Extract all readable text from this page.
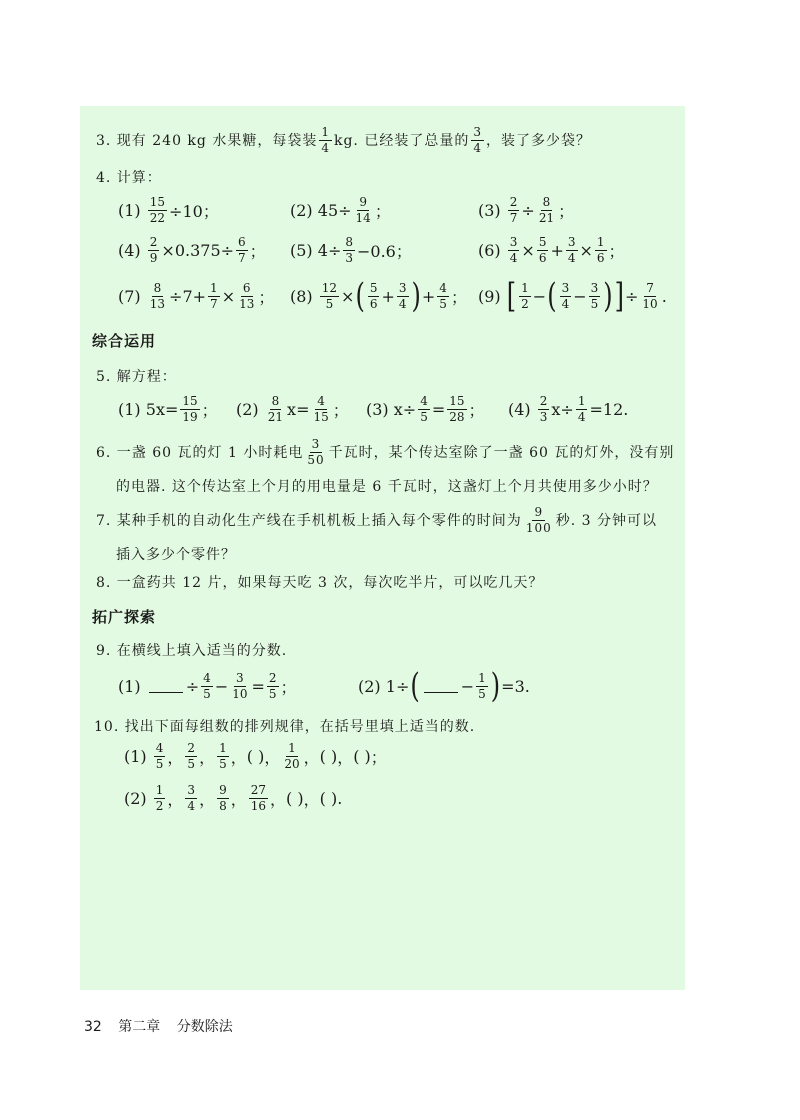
3. 现有 240 kg 水果糖，每袋装 $\frac{1}{4}$ kg. 已经装了总量的 $\frac{3}{4}$ ，装了多少袋？
4. 计算：
(1)
$\frac{15}{22} \div 10$；	(2)
$45\div \frac{9}{14}$ ；	(3)
$\frac{2}{7} \div \frac{8}{21}$ ；
(4)
$\frac{2}{9} \times 0.375\div \frac{6}{7}$ ； (5)
$4\div \frac{8}{3} -0.6$；	(6)
$\frac{3}{4} \times \frac{5}{6} + \frac{3}{4} \times \frac{1}{6}$ ；
(7)
$\frac{8}{13} \div 7+ \frac{1}{7} \times \frac{6}{13}$ ； (8)
$\frac{12}{5}$ × ( $\frac{5}{6} + \frac{3}{4}$ ) + $\frac{4}{5}$ ； (9)
[ $\frac{1}{2}$ − ( $\frac{3}{4} - \frac{3}{5}$ ) ] ÷ $\frac{7}{10}$ .
综合运用
5. 解方程：
(1)
$5x= \frac{15}{19}$ ； (2)
$\frac{8}{21} x= \frac{4}{15}$ ； (3)
$x\div \frac{4}{5} = \frac{15}{28}$ ； (4)
$\frac{2}{3} x\div \frac{1}{4} =12$.
6. 一盏 60 瓦的灯 1 小时耗电 $\frac{3}{50}$ 千瓦时，某个传达室除了一盏 60 瓦的灯外，没有别
的电器. 这个传达室上个月的用电量是 6 千瓦时，这盏灯上个月共使用多少小时？
7. 某种手机的自动化生产线在手机机板上插入每个零件的时间为 $\frac{9}{100}$ 秒. 3 分钟可以
插入多少个零件？
8. 一盒药共 12 片，如果每天吃 3 次，每次吃半片，可以吃几天？
拓广探索
9. 在横线上填入适当的分数.
(1)
	÷ $\frac{4}{5} - \frac{3}{10} = \frac{2}{5}$ ；	(2)
1÷ (	− $\frac{1}{5}$ ) =3.
10. 找出下面每组数的排列规律，在括号里填上适当的数.
(1)
$\frac{4}{5}$ ， $\frac{2}{5}$ ， $\frac{1}{5}$ ， ( ) ， $\frac{1}{20}$ ， ( ) ， ( ) ；
(2)
$\frac{1}{2}$ ， $\frac{3}{4}$ ， $\frac{9}{8}$ ， $\frac{27}{16}$ ， ( ) ， ( ) .
32 第二章 分数除法
